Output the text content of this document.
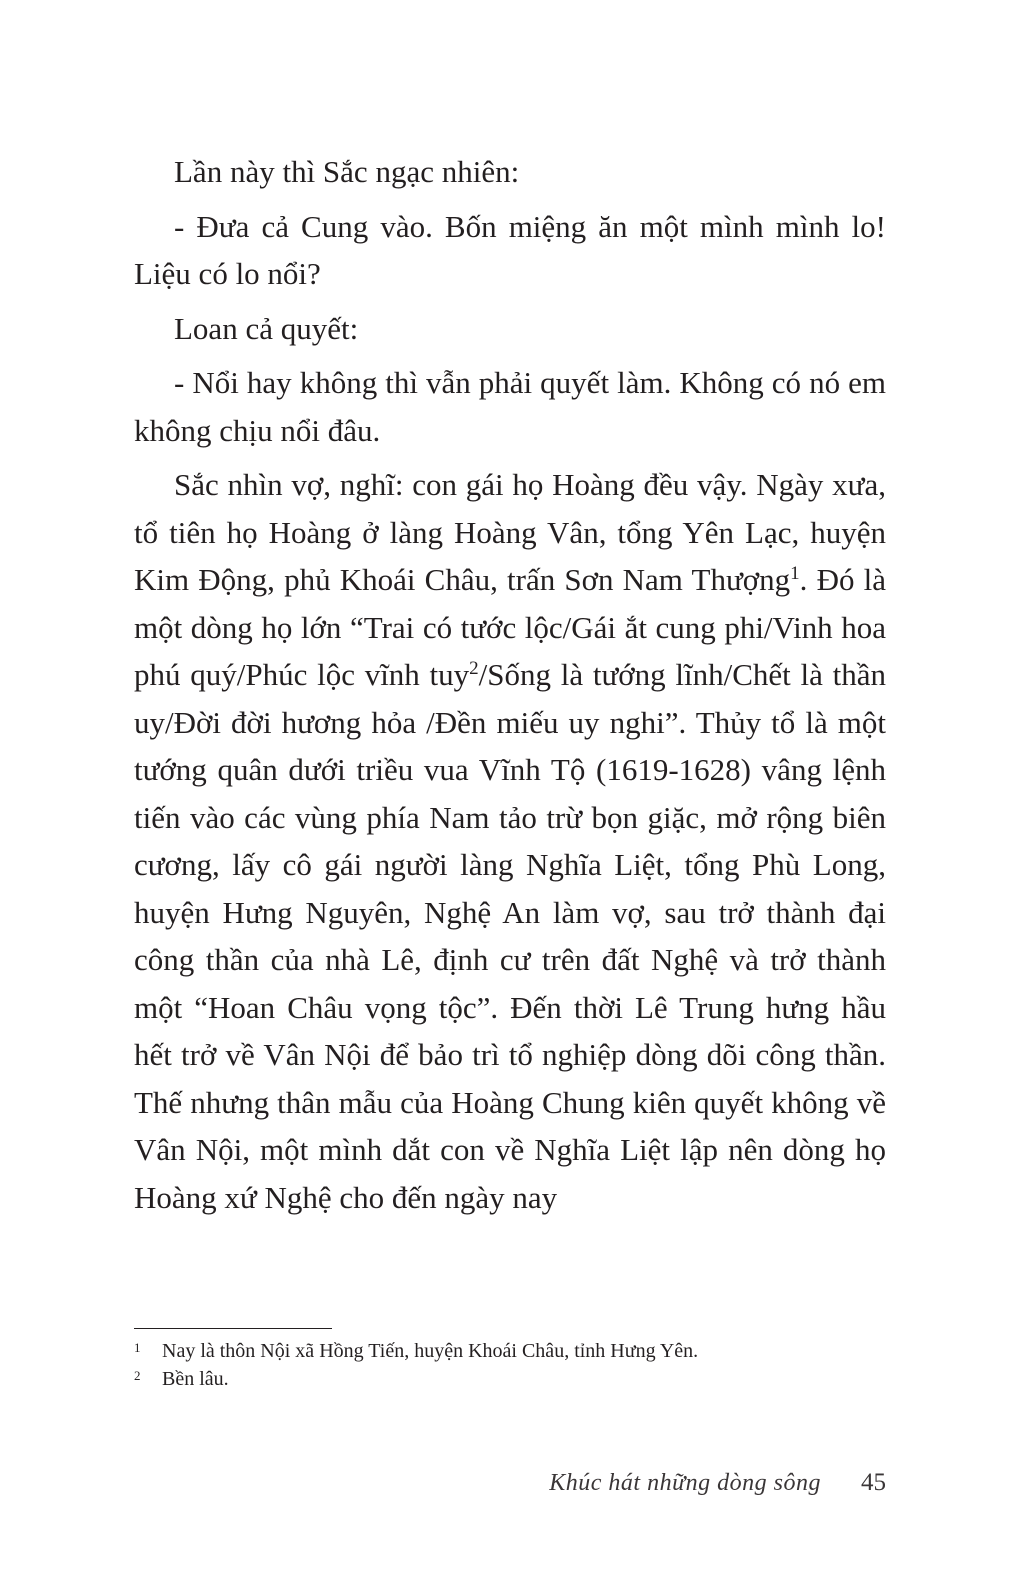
Lần này thì Sắc ngạc nhiên:

- Đưa cả Cung vào. Bốn miệng ăn một mình mình lo! Liệu có lo nổi?

Loan cả quyết:

- Nổi hay không thì vẫn phải quyết làm. Không có nó em không chịu nổi đâu.

Sắc nhìn vợ, nghĩ: con gái họ Hoàng đều vậy. Ngày xưa, tổ tiên họ Hoàng ở làng Hoàng Vân, tổng Yên Lạc, huyện Kim Động, phủ Khoái Châu, trấn Sơn Nam Thượng$^1$. Đó là một dòng họ lớn “Trai có tước lộc/Gái ắt cung phi/Vinh hoa phú quý/Phúc lộc vĩnh tuy$^2$/Sống là tướng lĩnh/Chết là thần uy/Đời đời hương hỏa /Đền miếu uy nghi”. Thủy tổ là một tướng quân dưới triều vua Vĩnh Tộ (1619-1628) vâng lệnh tiến vào các vùng phía Nam tảo trừ bọn giặc, mở rộng biên cương, lấy cô gái người làng Nghĩa Liệt, tổng Phù Long, huyện Hưng Nguyên, Nghệ An làm vợ, sau trở thành đại công thần của nhà Lê, định cư trên đất Nghệ và trở thành một “Hoan Châu vọng tộc”. Đến thời Lê Trung hưng hầu hết trở về Vân Nội để bảo trì tổ nghiệp dòng dõi công thần. Thế nhưng thân mẫu của Hoàng Chung kiên quyết không về Vân Nội, một mình dắt con về Nghĩa Liệt lập nên dòng họ Hoàng xứ Nghệ cho đến ngày nay

1 Nay là thôn Nội xã Hồng Tiến, huyện Khoái Châu, tỉnh Hưng Yên.
2 Bền lâu.
Khúc hát những dòng sông 45
